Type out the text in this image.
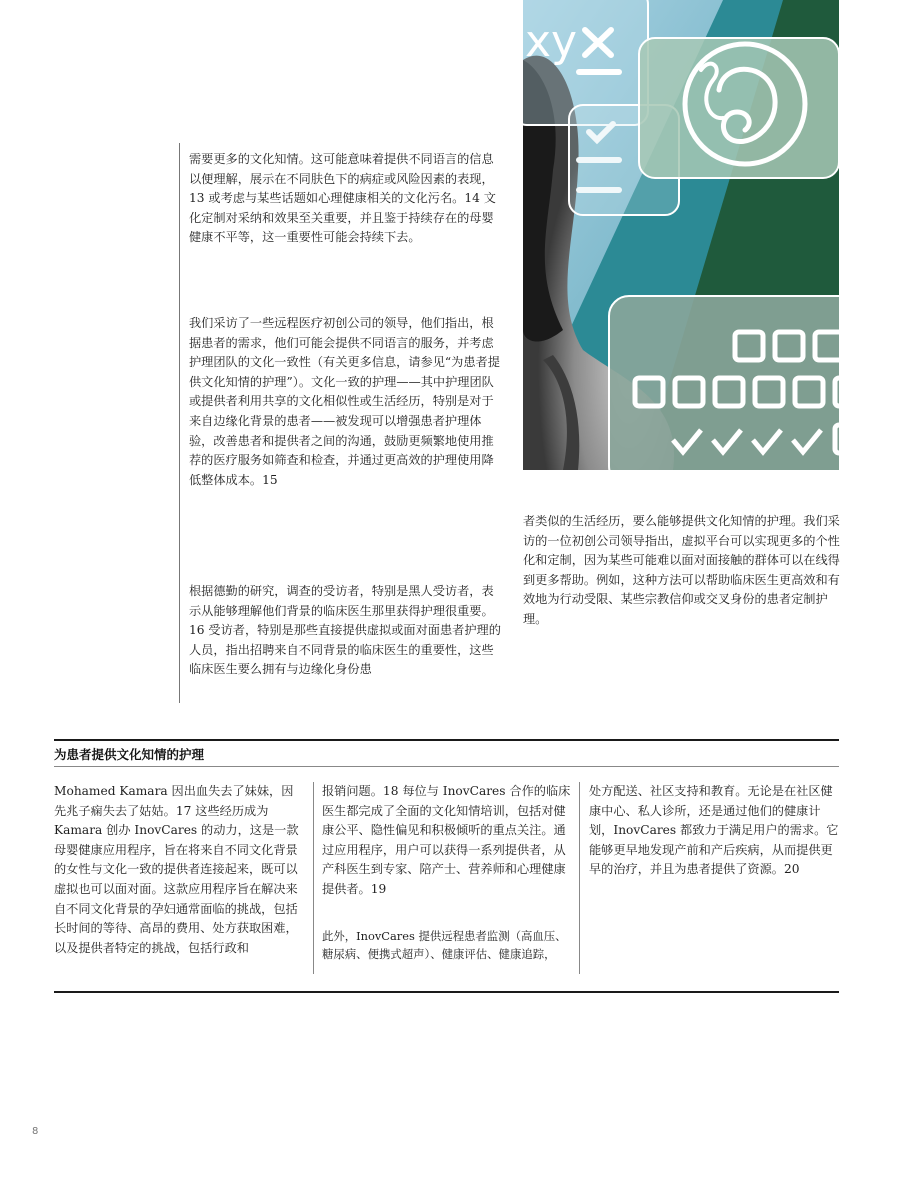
xy
需要更多的文化知情。这可能意味着提供不同语言的信息以便理解，展示在不同肤色下的病症或风险因素的表现，13 或考虑与某些话题如心理健康相关的文化污名。14 文化定制对采纳和效果至关重要，并且鉴于持续存在的母婴健康不平等，这一重要性可能会持续下去。
我们采访了一些远程医疗初创公司的领导，他们指出，根据患者的需求，他们可能会提供不同语言的服务，并考虑护理团队的文化一致性（有关更多信息，请参见“为患者提供文化知情的护理”）。文化一致的护理——其中护理团队或提供者利用共享的文化相似性或生活经历，特别是对于来自边缘化背景的患者——被发现可以增强患者护理体验，改善患者和提供者之间的沟通，鼓励更频繁地使用推荐的医疗服务如筛查和检查，并通过更高效的护理使用降低整体成本。15
根据德勤的研究，调查的受访者，特别是黑人受访者，表示从能够理解他们背景的临床医生那里获得护理很重要。16 受访者，特别是那些直接提供虚拟或面对面患者护理的人员，指出招聘来自不同背景的临床医生的重要性，这些临床医生要么拥有与边缘化身份患
者类似的生活经历，要么能够提供文化知情的护理。我们采访的一位初创公司领导指出，虚拟平台可以实现更多的个性化和定制，因为某些可能难以面对面接触的群体可以在线得到更多帮助。例如，这种方法可以帮助临床医生更高效和有效地为行动受限、某些宗教信仰或交叉身份的患者定制护理。
为患者提供文化知情的护理
Mohamed Kamara 因出血失去了妹妹，因先兆子痫失去了姑姑。17 这些经历成为 Kamara 创办 InovCares 的动力，这是一款母婴健康应用程序，旨在将来自不同文化背景的女性与文化一致的提供者连接起来，既可以虚拟也可以面对面。这款应用程序旨在解决来自不同文化背景的孕妇通常面临的挑战，包括长时间的等待、高昂的费用、处方获取困难，以及提供者特定的挑战，包括行政和
报销问题。18 每位与 InovCares 合作的临床医生都完成了全面的文化知情培训，包括对健康公平、隐性偏见和积极倾听的重点关注。通过应用程序，用户可以获得一系列提供者，从产科医生到专家、陪产士、营养师和心理健康提供者。19
此外，InovCares 提供远程患者监测（高血压、糖尿病、便携式超声）、健康评估、健康追踪，
处方配送、社区支持和教育。无论是在社区健康中心、私人诊所，还是通过他们的健康计划，InovCares 都致力于满足用户的需求。它能够更早地发现产前和产后疾病，从而提供更早的治疗，并且为患者提供了资源。20
8
